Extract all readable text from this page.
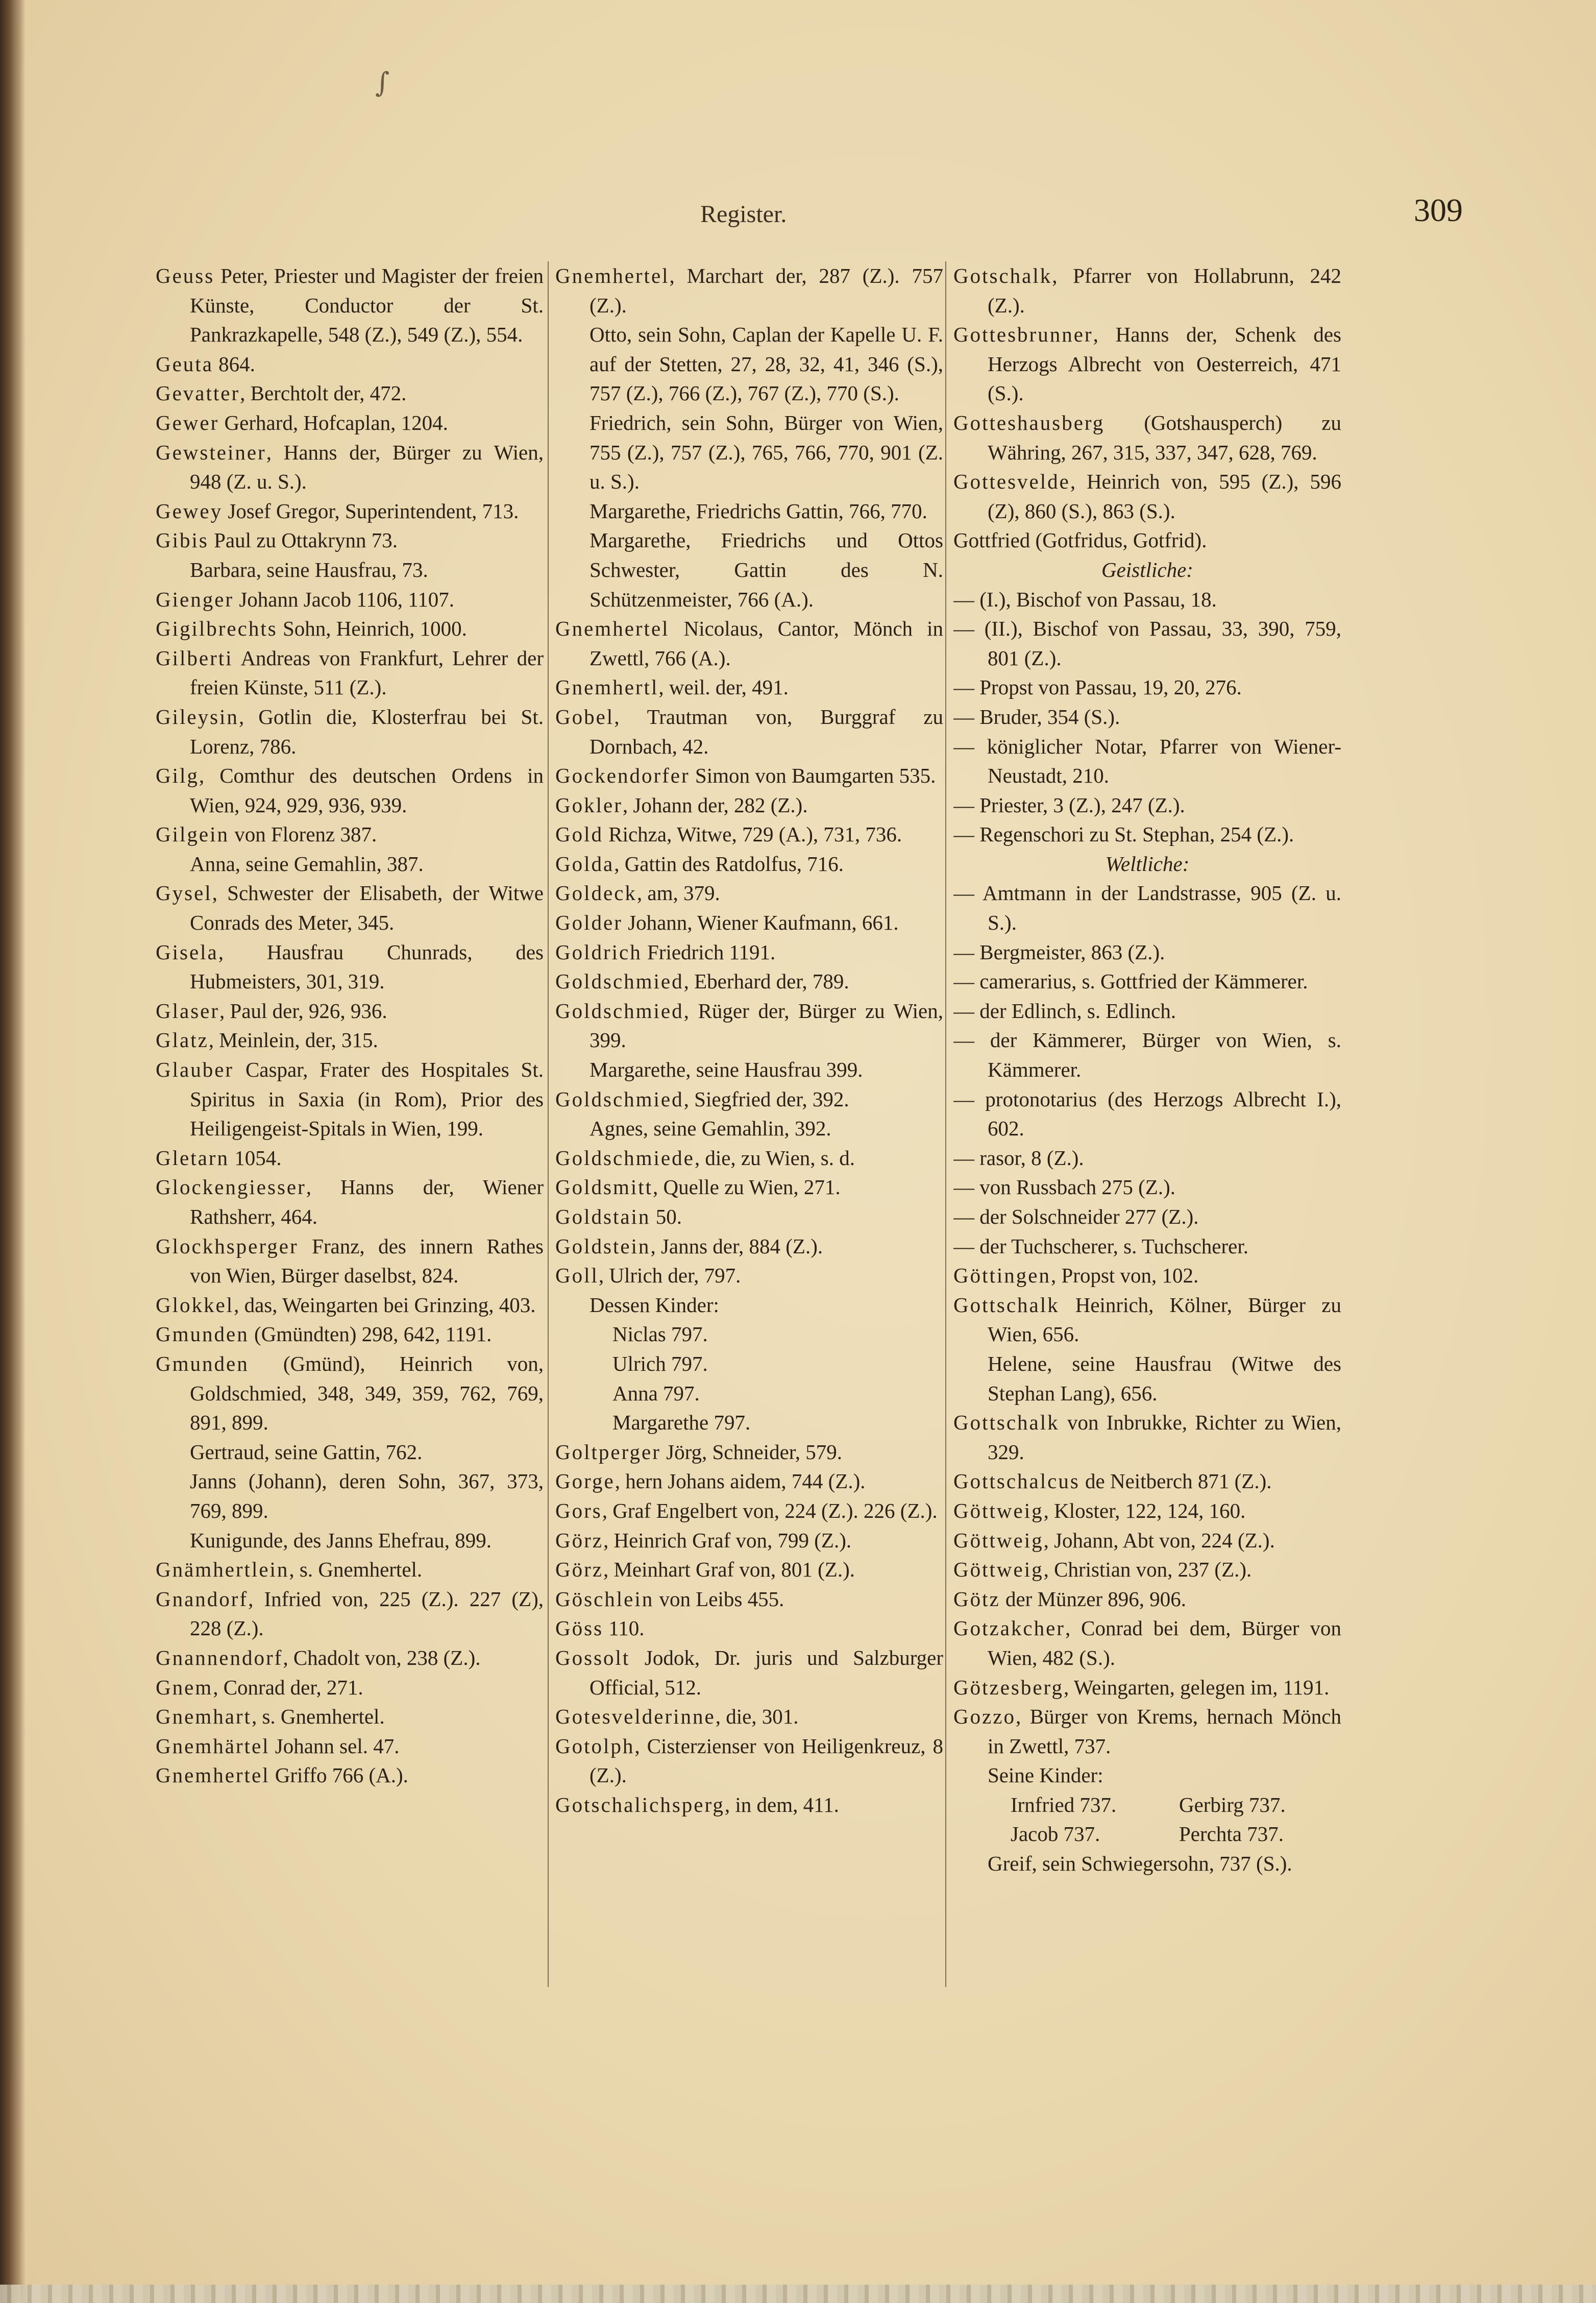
∫
Register.	309

Geuss Peter, Priester und Magister der freien Künste, Conductor der St. Pankrazkapelle, 548 (Z.), 549 (Z.), 554.

Geuta 864.

Gevatter, Berchtolt der, 472.

Gewer Gerhard, Hofcaplan, 1204.

Gewsteiner, Hanns der, Bürger zu Wien, 948 (Z. u. S.).

Gewey Josef Gregor, Superintendent, 713.

Gibis Paul zu Ottakrynn 73.

Barbara, seine Hausfrau, 73.

Gienger Johann Jacob 1106, 1107.

Gigilbrechts Sohn, Heinrich, 1000.

Gilberti Andreas von Frankfurt, Lehrer der freien Künste, 511 (Z.).

Gileysin, Gotlin die, Klosterfrau bei St. Lorenz, 786.

Gilg, Comthur des deutschen Ordens in Wien, 924, 929, 936, 939.

Gilgein von Florenz 387.

Anna, seine Gemahlin, 387.

Gysel, Schwester der Elisabeth, der Witwe Conrads des Meter, 345.

Gisela, Hausfrau Chunrads, des Hubmeisters, 301, 319.

Glaser, Paul der, 926, 936.

Glatz, Meinlein, der, 315.

Glauber Caspar, Frater des Hospitales St. Spiritus in Saxia (in Rom), Prior des Heiligengeist-Spitals in Wien, 199.

Gletarn 1054.

Glockengiesser, Hanns der, Wiener Rathsherr, 464.

Glockhsperger Franz, des innern Rathes von Wien, Bürger daselbst, 824.

Glokkel, das, Weingarten bei Grinzing, 403.

Gmunden (Gmündten) 298, 642, 1191.

Gmunden (Gmünd), Heinrich von, Goldschmied, 348, 349, 359, 762, 769, 891, 899.

Gertraud, seine Gattin, 762.

Janns (Johann), deren Sohn, 367, 373, 769, 899.

Kunigunde, des Janns Ehefrau, 899.

Gnämhertlein, s. Gnemhertel.

Gnandorf, Infried von, 225 (Z.). 227 (Z), 228 (Z.).

Gnannendorf, Chadolt von, 238 (Z.).

Gnem, Conrad der, 271.

Gnemhart, s. Gnemhertel.

Gnemhärtel Johann sel. 47.

Gnemhertel Griffo 766 (A.).

Gnemhertel, Marchart der, 287 (Z.). 757 (Z.).

Otto, sein Sohn, Caplan der Kapelle U. F. auf der Stetten, 27, 28, 32, 41, 346 (S.), 757 (Z.), 766 (Z.), 767 (Z.), 770 (S.).

Friedrich, sein Sohn, Bürger von Wien, 755 (Z.), 757 (Z.), 765, 766, 770, 901 (Z. u. S.).

Margarethe, Friedrichs Gattin, 766, 770.

Margarethe, Friedrichs und Ottos Schwester, Gattin des N. Schützenmeister, 766 (A.).

Gnemhertel Nicolaus, Cantor, Mönch in Zwettl, 766 (A.).

Gnemhertl, weil. der, 491.

Gobel, Trautman von, Burggraf zu Dornbach, 42.

Gockendorfer Simon von Baumgarten 535.

Gokler, Johann der, 282 (Z.).

Gold Richza, Witwe, 729 (A.), 731, 736.

Golda, Gattin des Ratdolfus, 716.

Goldeck, am, 379.

Golder Johann, Wiener Kaufmann, 661.

Goldrich Friedrich 1191.

Goldschmied, Eberhard der, 789.

Goldschmied, Rüger der, Bürger zu Wien, 399.

Margarethe, seine Hausfrau 399.

Goldschmied, Siegfried der, 392.

Agnes, seine Gemahlin, 392.

Goldschmiede, die, zu Wien, s. d.

Goldsmitt, Quelle zu Wien, 271.

Goldstain 50.

Goldstein, Janns der, 884 (Z.).

Goll, Ulrich der, 797.

Dessen Kinder:

Niclas 797.

Ulrich 797.

Anna 797.

Margarethe 797.

Goltperger Jörg, Schneider, 579.

Gorge, hern Johans aidem, 744 (Z.).

Gors, Graf Engelbert von, 224 (Z.). 226 (Z.).

Görz, Heinrich Graf von, 799 (Z.).

Görz, Meinhart Graf von, 801 (Z.).

Göschlein von Leibs 455.

Göss 110.

Gossolt Jodok, Dr. juris und Salzburger Official, 512.

Gotesvelderinne, die, 301.

Gotolph, Cisterzienser von Heiligenkreuz, 8 (Z.).

Gotschalichsperg, in dem, 411.

Gotschalk, Pfarrer von Hollabrunn, 242 (Z.).

Gottesbrunner, Hanns der, Schenk des Herzogs Albrecht von Oesterreich, 471 (S.).

Gotteshausberg (Gotshausperch) zu Währing, 267, 315, 337, 347, 628, 769.

Gottesvelde, Heinrich von, 595 (Z.), 596 (Z), 860 (S.), 863 (S.).

Gottfried (Gotfridus, Gotfrid).

Geistliche:

— (I.), Bischof von Passau, 18.

— (II.), Bischof von Passau, 33, 390, 759, 801 (Z.).

— Propst von Passau, 19, 20, 276.

— Bruder, 354 (S.).

— königlicher Notar, Pfarrer von Wiener-Neustadt, 210.

— Priester, 3 (Z.), 247 (Z.).

— Regenschori zu St. Stephan, 254 (Z.).

Weltliche:

— Amtmann in der Landstrasse, 905 (Z. u. S.).

— Bergmeister, 863 (Z.).

— camerarius, s. Gottfried der Kämmerer.

— der Edlinch, s. Edlinch.

— der Kämmerer, Bürger von Wien, s. Kämmerer.

— protonotarius (des Herzogs Albrecht I.), 602.

— rasor, 8 (Z.).

— von Russbach 275 (Z.).

— der Solschneider 277 (Z.).

— der Tuchscherer, s. Tuchscherer.

Göttingen, Propst von, 102.

Gottschalk Heinrich, Kölner, Bürger zu Wien, 656.

Helene, seine Hausfrau (Witwe des Stephan Lang), 656.

Gottschalk von Inbrukke, Richter zu Wien, 329.

Gottschalcus de Neitberch 871 (Z.).

Göttweig, Kloster, 122, 124, 160.

Göttweig, Johann, Abt von, 224 (Z.).

Göttweig, Christian von, 237 (Z.).

Götz der Münzer 896, 906.

Gotzakcher, Conrad bei dem, Bürger von Wien, 482 (S.).

Götzesberg, Weingarten, gelegen im, 1191.

Gozzo, Bürger von Krems, hernach Mönch in Zwettl, 737.

Seine Kinder:

Irnfried 737.	Gerbirg 737.

Jacob 737.	Perchta 737.

Greif, sein Schwiegersohn, 737 (S.).
